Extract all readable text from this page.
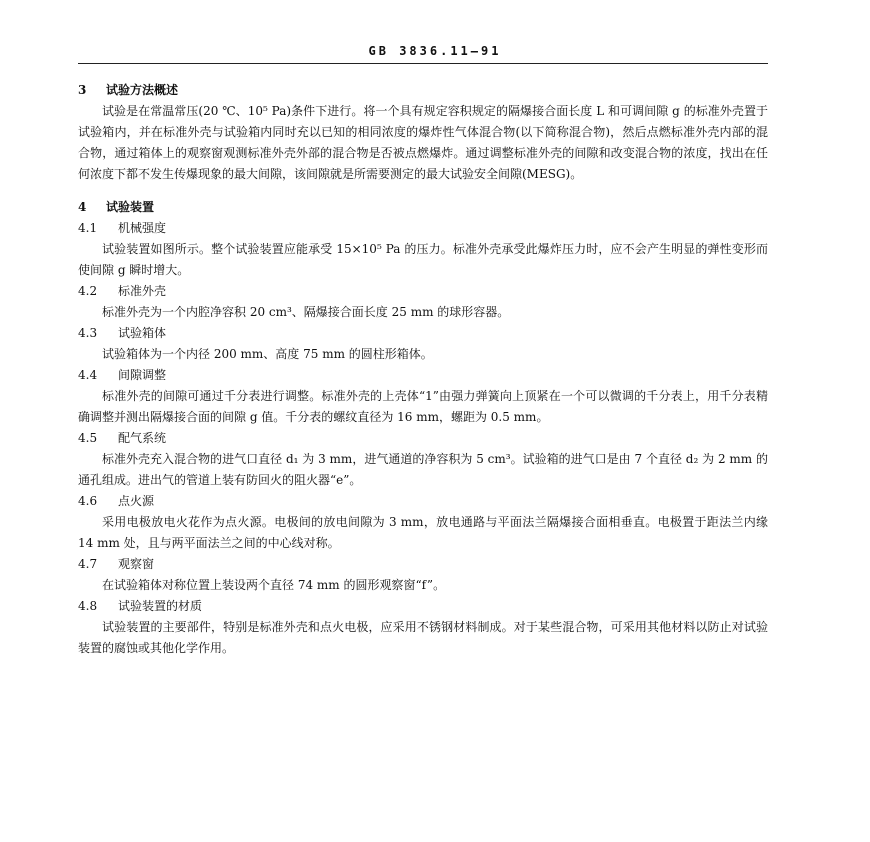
GB 3836.11—91

3 试验方法概述

试验是在常温常压(20 ℃、10⁵ Pa)条件下进行。将一个具有规定容积规定的隔爆接合面长度 L 和可调间隙 g 的标准外壳置于试验箱内，并在标准外壳与试验箱内同时充以已知的相同浓度的爆炸性气体混合物(以下简称混合物)，然后点燃标准外壳内部的混合物，通过箱体上的观察窗观测标准外壳外部的混合物是否被点燃爆炸。通过调整标准外壳的间隙和改变混合物的浓度，找出在任何浓度下都不发生传爆现象的最大间隙，该间隙就是所需要测定的最大试验安全间隙(MESG)。

4 试验装置

4.1 机械强度

试验装置如图所示。整个试验装置应能承受 15×10⁵ Pa 的压力。标准外壳承受此爆炸压力时，应不会产生明显的弹性变形而使间隙 g 瞬时增大。

4.2 标准外壳

标准外壳为一个内腔净容积 20 cm³、隔爆接合面长度 25 mm 的球形容器。

4.3 试验箱体

试验箱体为一个内径 200 mm、高度 75 mm 的圆柱形箱体。

4.4 间隙调整

标准外壳的间隙可通过千分表进行调整。标准外壳的上壳体“1”由强力弹簧向上顶紧在一个可以微调的千分表上，用千分表精确调整并测出隔爆接合面的间隙 g 值。千分表的螺纹直径为 16 mm，螺距为 0.5 mm。

4.5 配气系统

标准外壳充入混合物的进气口直径 d₁ 为 3 mm，进气通道的净容积为 5 cm³。试验箱的进气口是由 7 个直径 d₂ 为 2 mm 的通孔组成。进出气的管道上装有防回火的阻火器“e”。

4.6 点火源

采用电极放电火花作为点火源。电极间的放电间隙为 3 mm，放电通路与平面法兰隔爆接合面相垂直。电极置于距法兰内缘 14 mm 处，且与两平面法兰之间的中心线对称。

4.7 观察窗

在试验箱体对称位置上装设两个直径 74 mm 的圆形观察窗“f”。

4.8 试验装置的材质

试验装置的主要部件，特别是标准外壳和点火电极，应采用不锈钢材料制成。对于某些混合物，可采用其他材料以防止对试验装置的腐蚀或其他化学作用。
